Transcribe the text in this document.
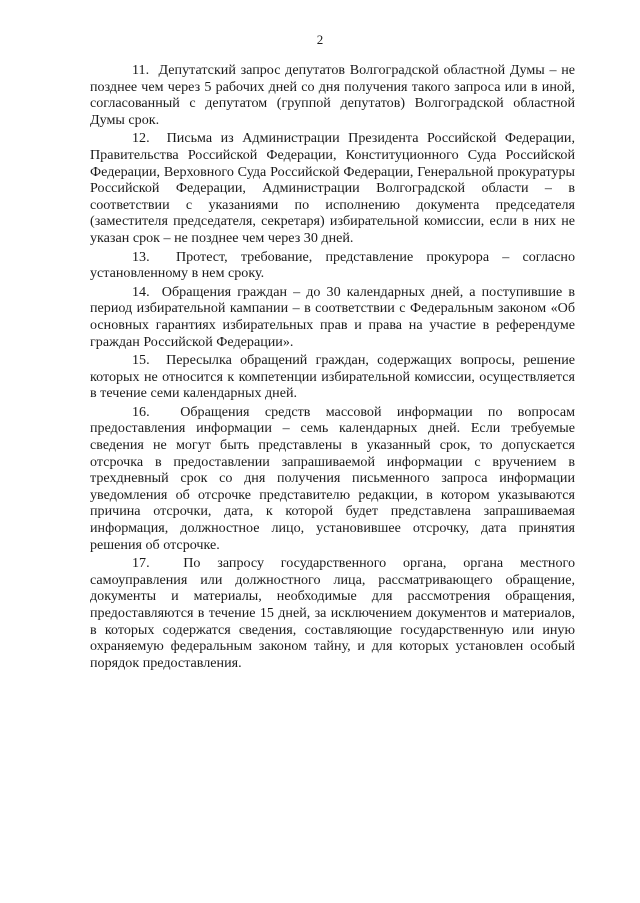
2

11.  Депутатский запрос депутатов Волгоградской областной Думы – не позднее чем через 5 рабочих дней со дня получения такого запроса или в иной, согласованный с депутатом (группой депутатов) Волгоградской областной Думы срок.

12.  Письма из Администрации Президента Российской Федерации, Правительства Российской Федерации, Конституционного Суда Российской Федерации, Верховного Суда Российской Федерации, Генеральной прокуратуры Российской Федерации, Администрации Волгоградской области – в соответствии с указаниями по исполнению документа председателя (заместителя председателя, секретаря) избирательной комиссии, если в них не указан срок – не позднее чем через 30 дней.

13.  Протест, требование, представление прокурора – согласно установленному в нем сроку.

14.  Обращения граждан – до 30 календарных дней, а поступившие в период избирательной кампании – в соответствии с Федеральным законом «Об основных гарантиях избирательных прав и права на участие в референдуме граждан Российской Федерации».

15.  Пересылка обращений граждан, содержащих вопросы, решение которых не относится к компетенции избирательной комиссии, осуществляется в течение семи календарных дней.

16.  Обращения средств массовой информации по вопросам предоставления информации – семь календарных дней. Если требуемые сведения не могут быть представлены в указанный срок, то допускается отсрочка в предоставлении запрашиваемой информации с вручением в трехдневный срок со дня получения письменного запроса информации уведомления об отсрочке представителю редакции, в котором указываются причина отсрочки, дата, к которой будет представлена запрашиваемая информация, должностное лицо, установившее отсрочку, дата принятия решения об отсрочке.

17.  По запросу государственного органа, органа местного самоуправления или должностного лица, рассматривающего обращение, документы и материалы, необходимые для рассмотрения обращения, предоставляются в течение 15 дней, за исключением документов и материалов, в которых содержатся сведения, составляющие государственную или иную охраняемую федеральным законом тайну, и для которых установлен особый порядок предоставления.
